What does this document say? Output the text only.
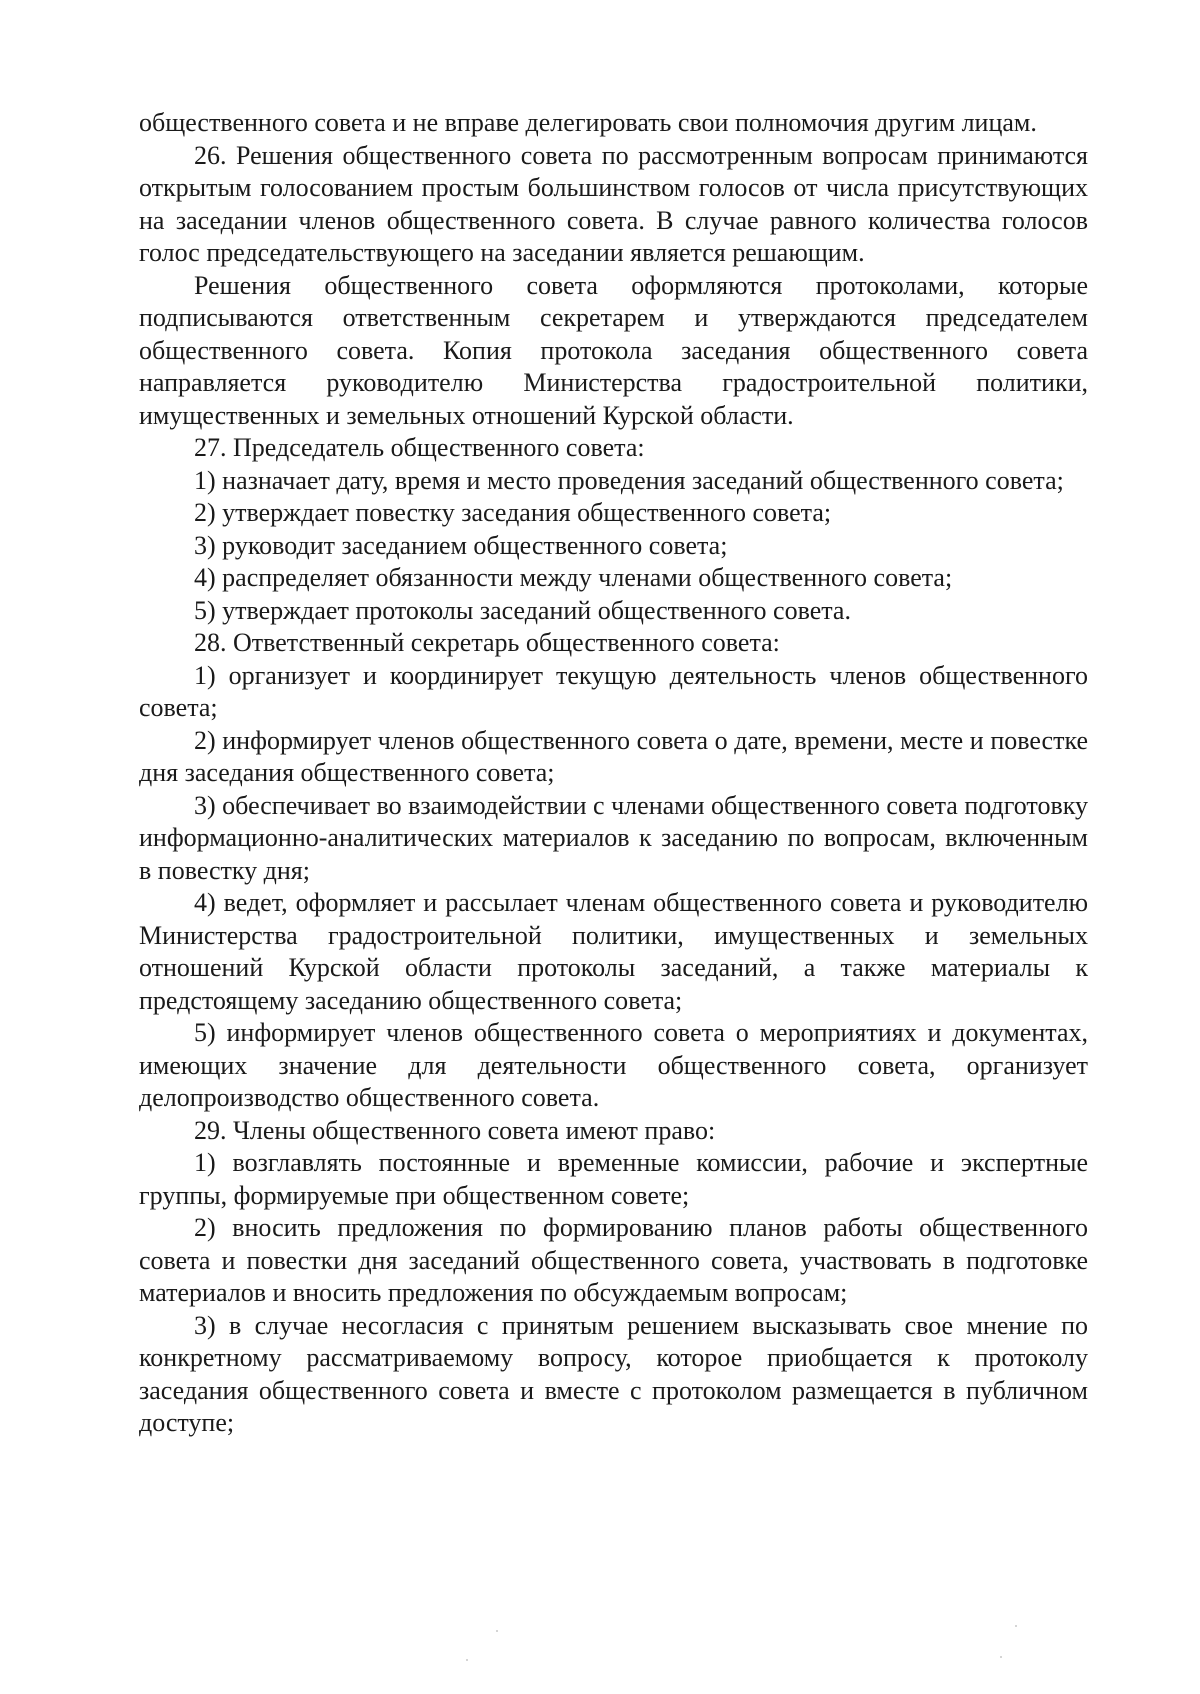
общественного совета и не вправе делегировать свои полномочия другим лицам.

26. Решения общественного совета по рассмотренным вопросам принимаются открытым голосованием простым большинством голосов от числа присутствующих на заседании членов общественного совета. В случае равного количества голосов голос председательствующего на заседании является решающим.

Решения общественного совета оформляются протоколами, которые подписываются ответственным секретарем и утверждаются председателем общественного совета. Копия протокола заседания общественного совета направляется руководителю Министерства градостроительной политики, имущественных и земельных отношений Курской области.

27. Председатель общественного совета:

1) назначает дату, время и место проведения заседаний общественного совета;

2) утверждает повестку заседания общественного совета;

3) руководит заседанием общественного совета;

4) распределяет обязанности между членами общественного совета;

5) утверждает протоколы заседаний общественного совета.

28. Ответственный секретарь общественного совета:

1) организует и координирует текущую деятельность членов общественного совета;

2) информирует членов общественного совета о дате, времени, месте и повестке дня заседания общественного совета;

3) обеспечивает во взаимодействии с членами общественного совета подготовку информационно-аналитических материалов к заседанию по вопросам, включенным в повестку дня;

4) ведет, оформляет и рассылает членам общественного совета и руководителю Министерства градостроительной политики, имущественных и земельных отношений Курской области протоколы заседаний, а также материалы к предстоящему заседанию общественного совета;

5) информирует членов общественного совета о мероприятиях и документах, имеющих значение для деятельности общественного совета, организует делопроизводство общественного совета.

29. Члены общественного совета имеют право:

1) возглавлять постоянные и временные комиссии, рабочие и экспертные группы, формируемые при общественном совете;

2) вносить предложения по формированию планов работы общественного совета и повестки дня заседаний общественного совета, участвовать в подготовке материалов и вносить предложения по обсуждаемым вопросам;

3) в случае несогласия с принятым решением высказывать свое мнение по конкретному рассматриваемому вопросу, которое приобщается к протоколу заседания общественного совета и вместе с протоколом размещается в публичном доступе;
